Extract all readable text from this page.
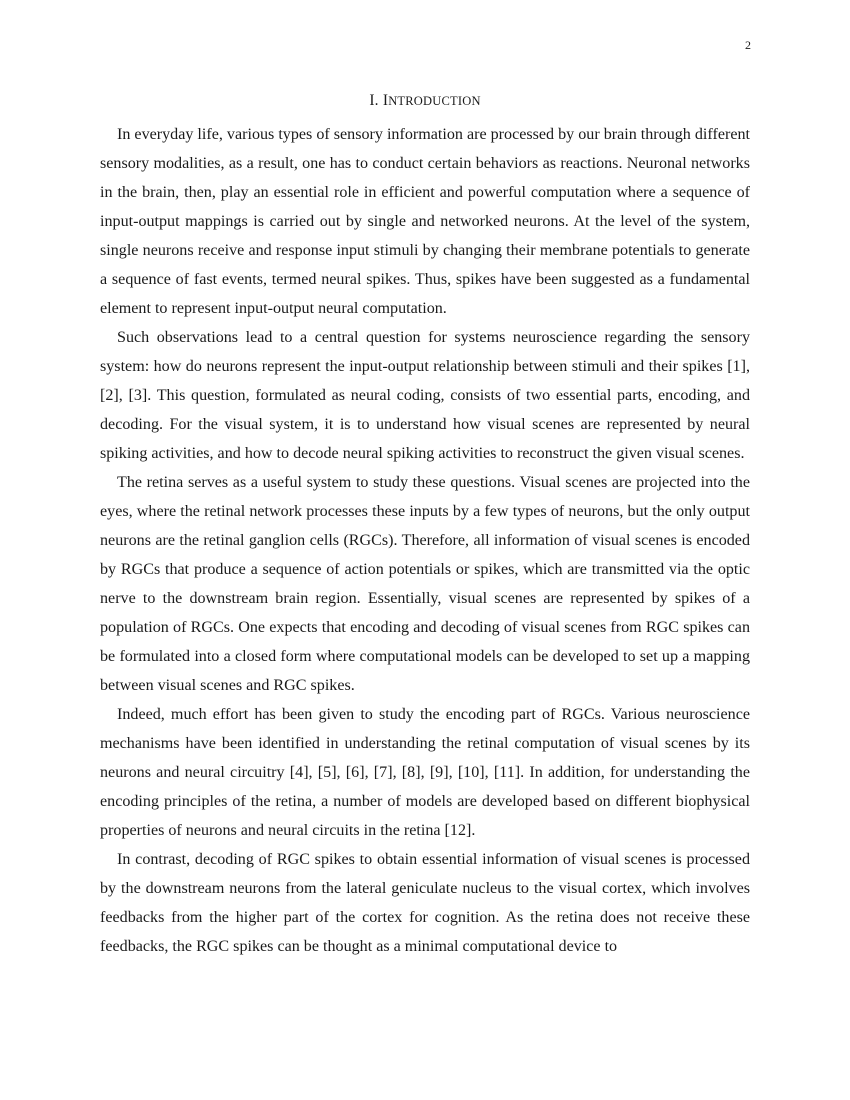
2
I. INTRODUCTION

In everyday life, various types of sensory information are processed by our brain through different sensory modalities, as a result, one has to conduct certain behaviors as reactions. Neuronal networks in the brain, then, play an essential role in efficient and powerful computation where a sequence of input-output mappings is carried out by single and networked neurons. At the level of the system, single neurons receive and response input stimuli by changing their membrane potentials to generate a sequence of fast events, termed neural spikes. Thus, spikes have been suggested as a fundamental element to represent input-output neural computation.

Such observations lead to a central question for systems neuroscience regarding the sensory system: how do neurons represent the input-output relationship between stimuli and their spikes [1], [2], [3]. This question, formulated as neural coding, consists of two essential parts, encoding, and decoding. For the visual system, it is to understand how visual scenes are represented by neural spiking activities, and how to decode neural spiking activities to reconstruct the given visual scenes.

The retina serves as a useful system to study these questions. Visual scenes are projected into the eyes, where the retinal network processes these inputs by a few types of neurons, but the only output neurons are the retinal ganglion cells (RGCs). Therefore, all information of visual scenes is encoded by RGCs that produce a sequence of action potentials or spikes, which are transmitted via the optic nerve to the downstream brain region. Essentially, visual scenes are represented by spikes of a population of RGCs. One expects that encoding and decoding of visual scenes from RGC spikes can be formulated into a closed form where computational models can be developed to set up a mapping between visual scenes and RGC spikes.

Indeed, much effort has been given to study the encoding part of RGCs. Various neuroscience mechanisms have been identified in understanding the retinal computation of visual scenes by its neurons and neural circuitry [4], [5], [6], [7], [8], [9], [10], [11]. In addition, for understanding the encoding principles of the retina, a number of models are developed based on different biophysical properties of neurons and neural circuits in the retina [12].

In contrast, decoding of RGC spikes to obtain essential information of visual scenes is processed by the downstream neurons from the lateral geniculate nucleus to the visual cortex, which involves feedbacks from the higher part of the cortex for cognition. As the retina does not receive these feedbacks, the RGC spikes can be thought as a minimal computational device to
